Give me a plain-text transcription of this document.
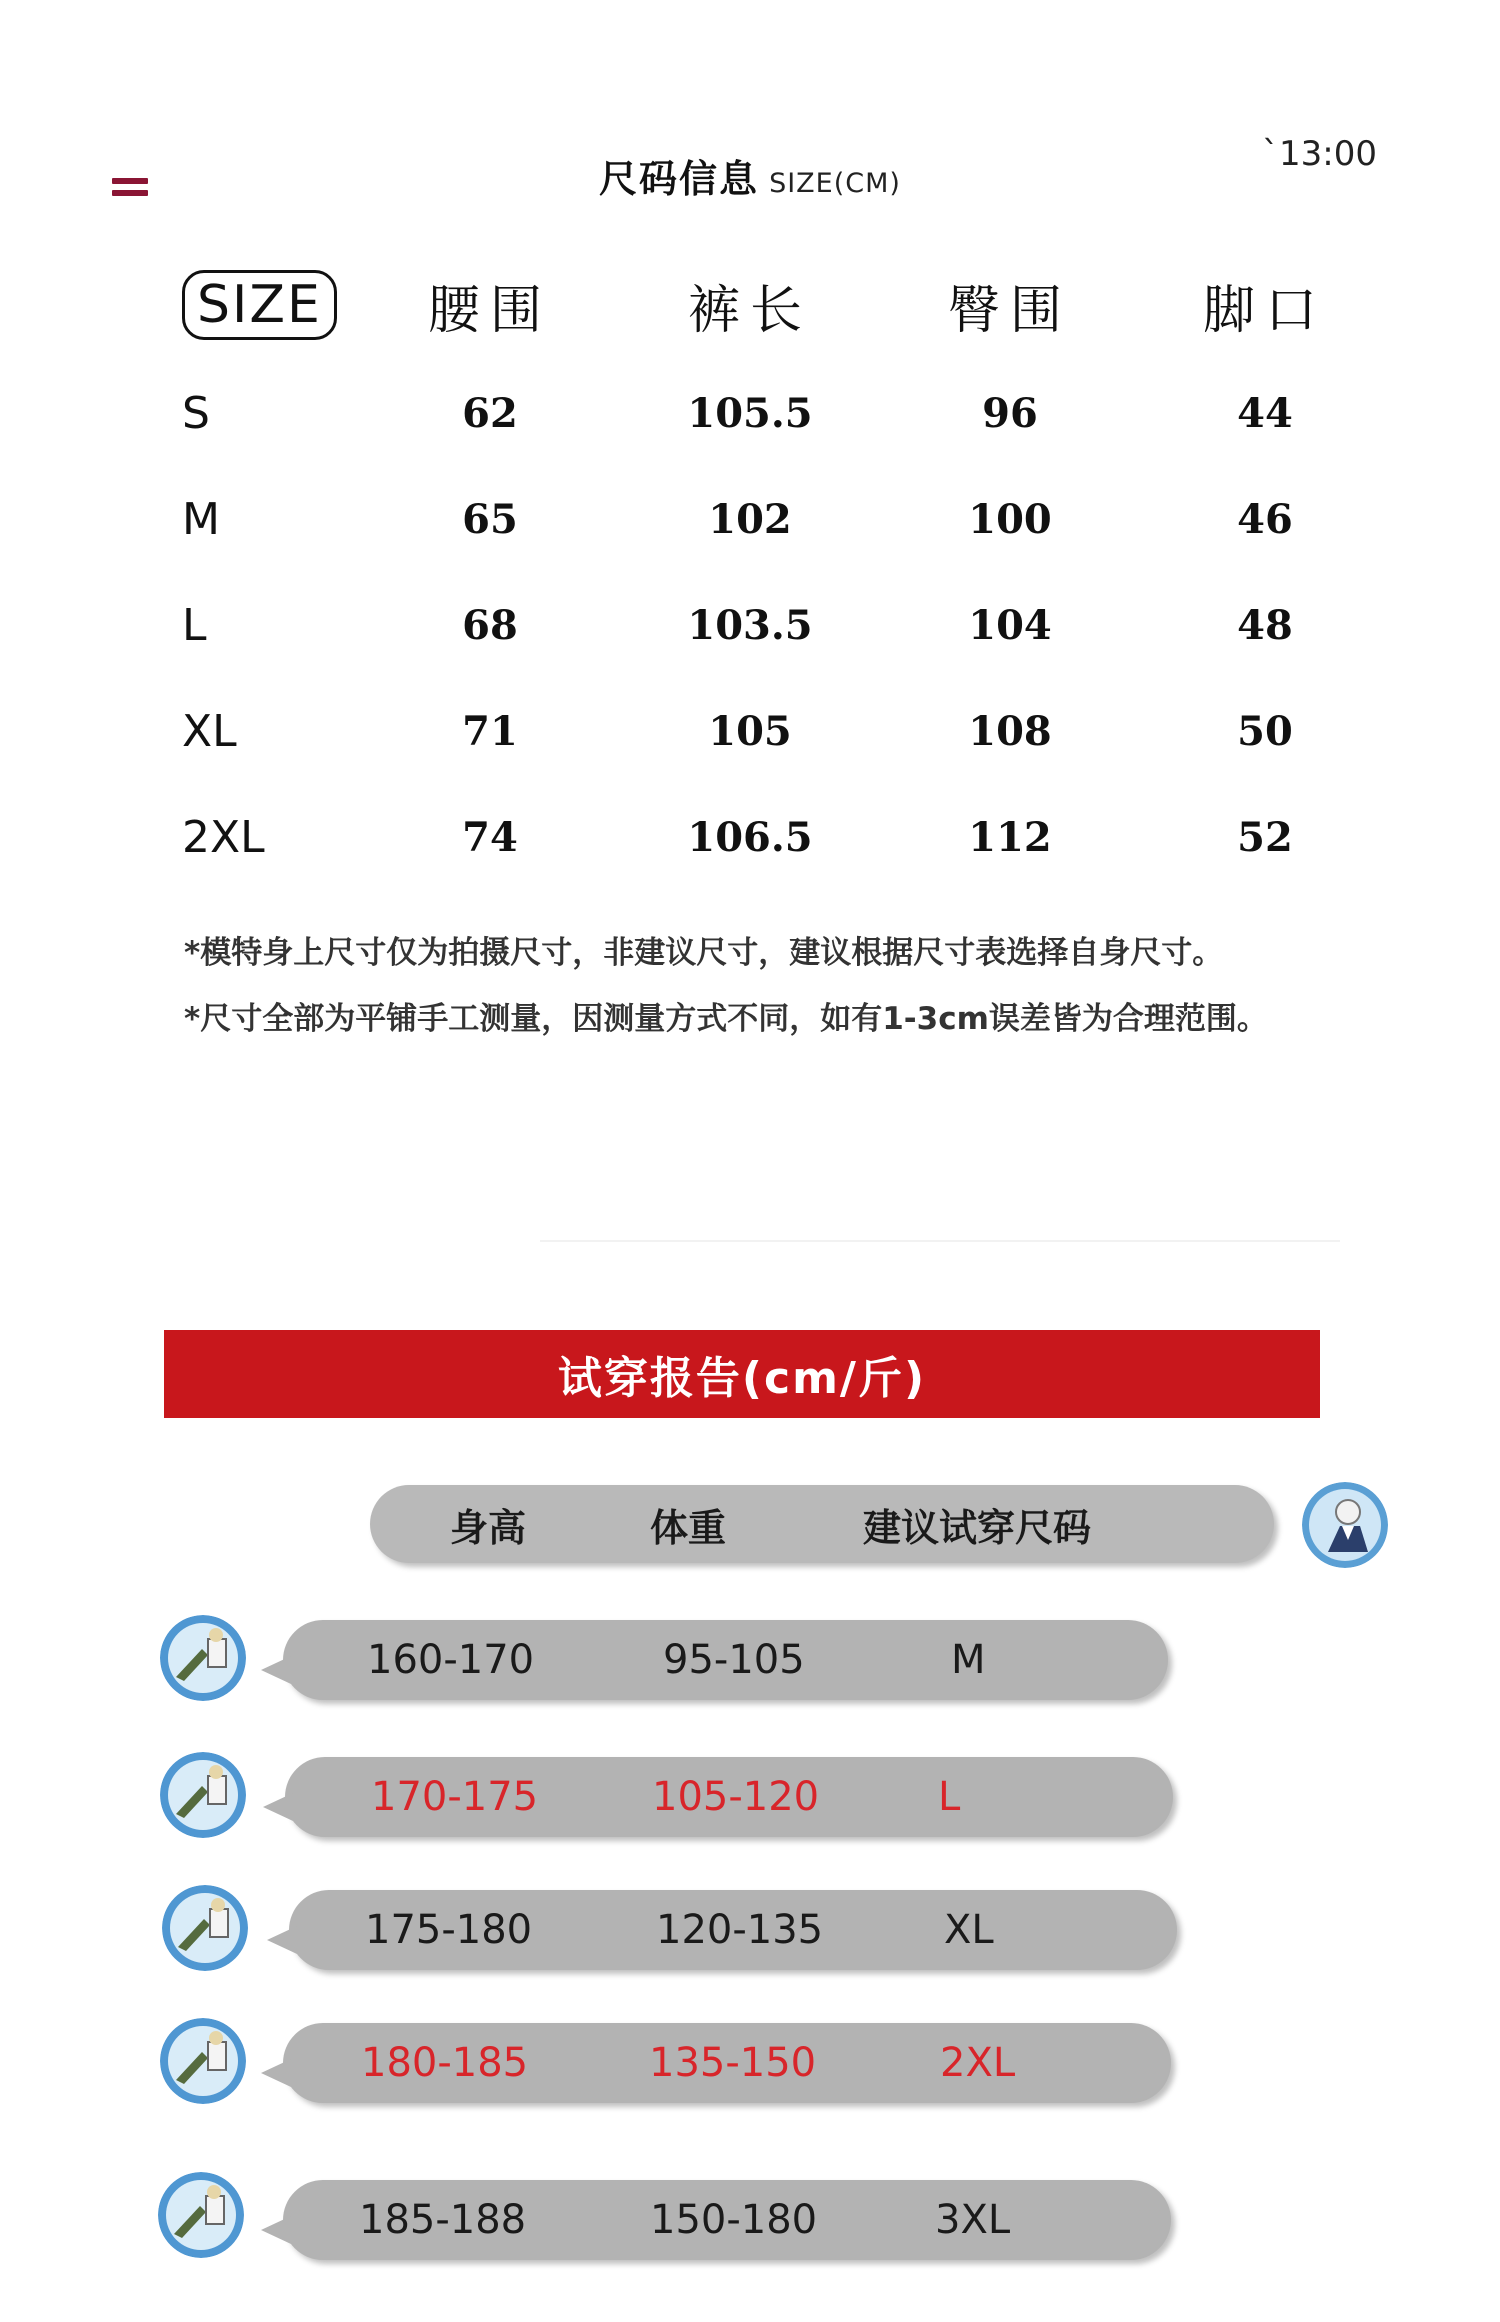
尺码信息 SIZE(CM)
`13:00
SIZE	腰围	裤长	臀围	脚口
S	62	105.5	96	44
M	65	102	100	46
L	68	103.5	104	48
XL	71	105	108	50
2XL	74	106.5	112	52
*模特身上尺寸仅为拍摄尺寸，非建议尺寸，建议根据尺寸表选择自身尺寸。
*尺寸全部为平铺手工测量，因测量方式不同，如有1-3cm误差皆为合理范围。
试穿报告(cm/斤)
身高	体重	建议试穿尺码
160-170	95-105	M
170-175	105-120	L
175-180	120-135	XL
180-185	135-150	2XL
185-188	150-180	3XL
